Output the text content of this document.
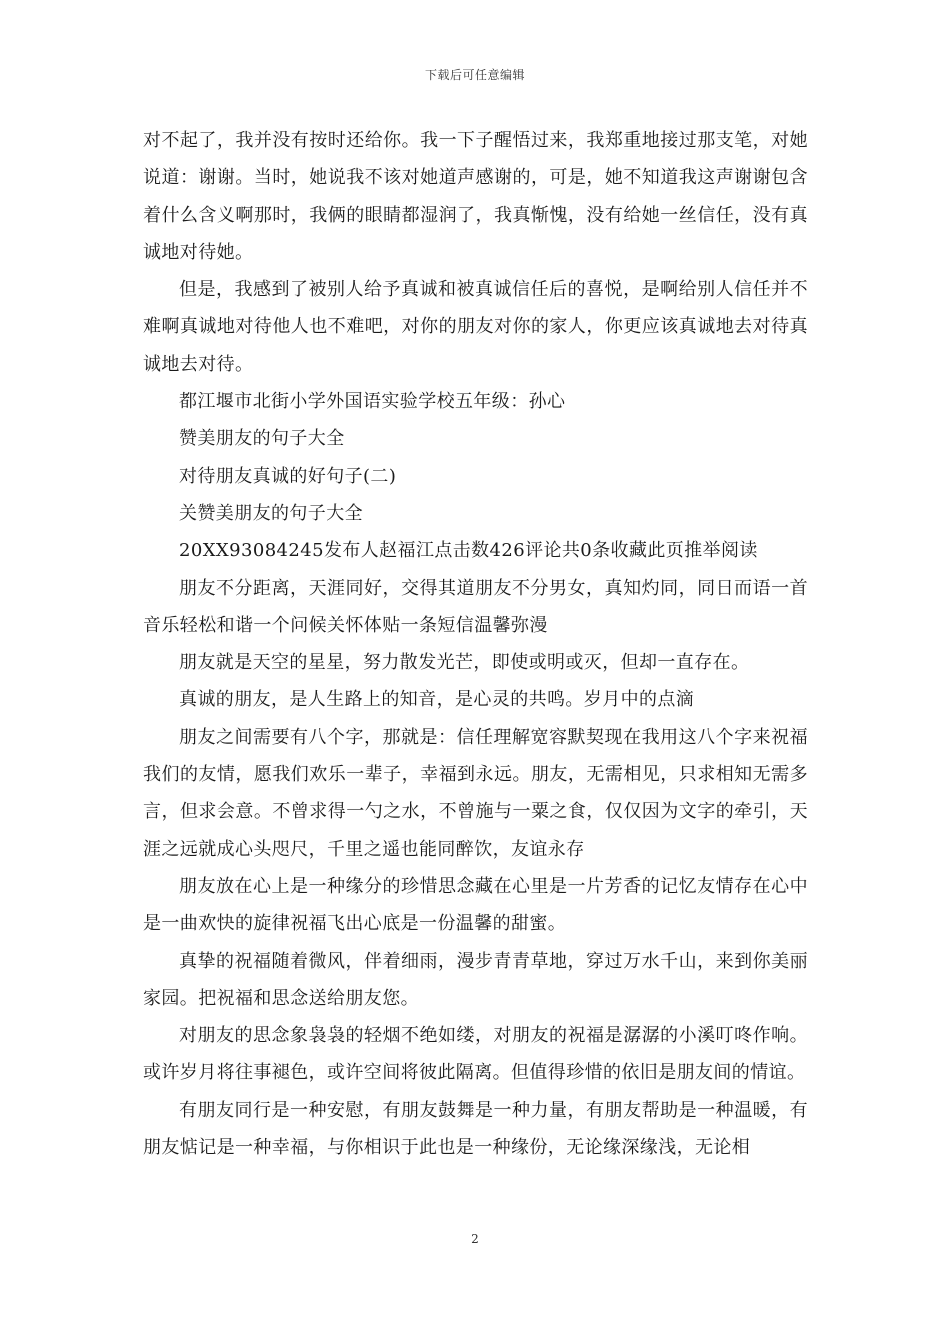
下载后可任意编辑

对不起了，我并没有按时还给你。我一下子醒悟过来，我郑重地接过那支笔，对她说道：谢谢。当时，她说我不该对她道声感谢的，可是，她不知道我这声谢谢包含着什么含义啊那时，我俩的眼睛都湿润了，我真惭愧，没有给她一丝信任，没有真诚地对待她。

但是，我感到了被别人给予真诚和被真诚信任后的喜悦，是啊给别人信任并不难啊真诚地对待他人也不难吧，对你的朋友对你的家人，你更应该真诚地去对待真诚地去对待。

都江堰市北街小学外国语实验学校五年级：孙心

赞美朋友的句子大全

对待朋友真诚的好句子(二)

关赞美朋友的句子大全

20XX93084245发布人赵福江点击数426评论共0条收藏此页推举阅读

朋友不分距离，天涯同好，交得其道朋友不分男女，真知灼同，同日而语一首音乐轻松和谐一个问候关怀体贴一条短信温馨弥漫

朋友就是天空的星星，努力散发光芒，即使或明或灭，但却一直存在。

真诚的朋友，是人生路上的知音，是心灵的共鸣。岁月中的点滴

朋友之间需要有八个字，那就是：信任理解宽容默契现在我用这八个字来祝福我们的友情，愿我们欢乐一辈子，幸福到永远。朋友，无需相见，只求相知无需多言，但求会意。不曾求得一勺之水，不曾施与一粟之食，仅仅因为文字的牵引，天涯之远就成心头咫尺，千里之遥也能同醉饮，友谊永存

朋友放在心上是一种缘分的珍惜思念藏在心里是一片芳香的记忆友情存在心中是一曲欢快的旋律祝福飞出心底是一份温馨的甜蜜。

真挚的祝福随着微风，伴着细雨，漫步青青草地，穿过万水千山，来到你美丽家园。把祝福和思念送给朋友您。

对朋友的思念象袅袅的轻烟不绝如缕，对朋友的祝福是潺潺的小溪叮咚作响。或许岁月将往事褪色，或许空间将彼此隔离。但值得珍惜的依旧是朋友间的情谊。

有朋友同行是一种安慰，有朋友鼓舞是一种力量，有朋友帮助是一种温暖，有朋友惦记是一种幸福，与你相识于此也是一种缘份，无论缘深缘浅，无论相

2
